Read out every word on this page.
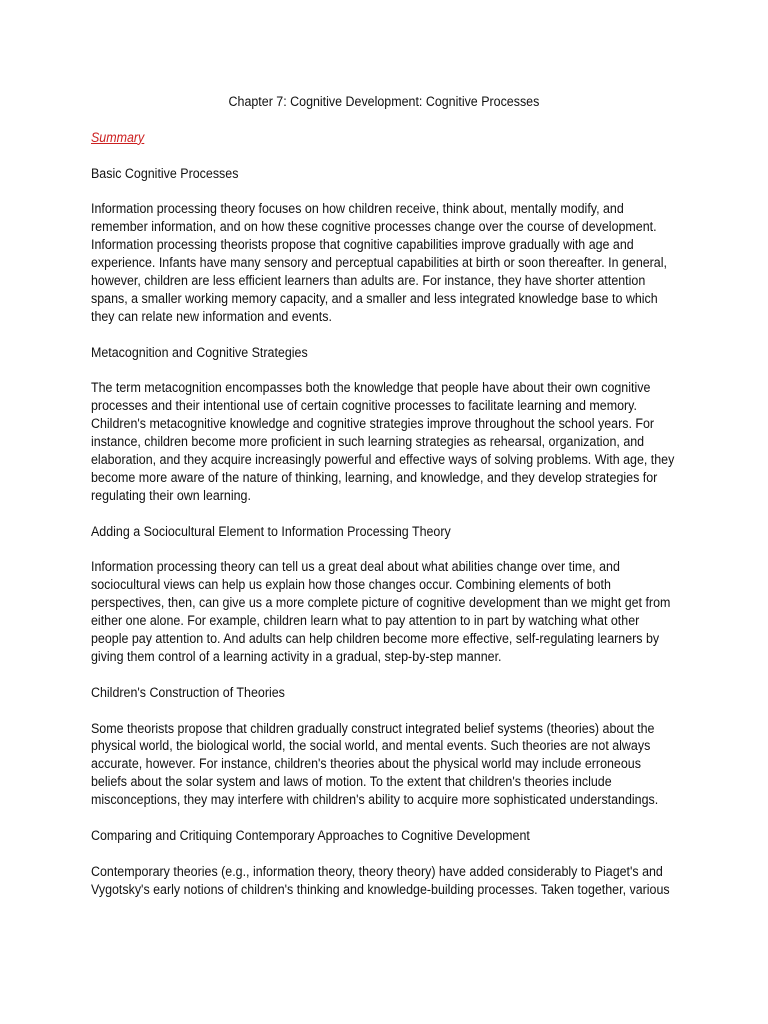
Chapter 7: Cognitive Development: Cognitive Processes
Summary
Basic Cognitive Processes
Information processing theory focuses on how children receive, think about, mentally modify, and remember information, and on how these cognitive processes change over the course of development. Information processing theorists propose that cognitive capabilities improve gradually with age and experience. Infants have many sensory and perceptual capabilities at birth or soon thereafter. In general, however, children are less efficient learners than adults are. For instance, they have shorter attention spans, a smaller working memory capacity, and a smaller and less integrated knowledge base to which they can relate new information and events.
Metacognition and Cognitive Strategies
The term metacognition encompasses both the knowledge that people have about their own cognitive processes and their intentional use of certain cognitive processes to facilitate learning and memory. Children's metacognitive knowledge and cognitive strategies improve throughout the school years. For instance, children become more proficient in such learning strategies as rehearsal, organization, and elaboration, and they acquire increasingly powerful and effective ways of solving problems. With age, they become more aware of the nature of thinking, learning, and knowledge, and they develop strategies for regulating their own learning.
Adding a Sociocultural Element to Information Processing Theory
Information processing theory can tell us a great deal about what abilities change over time, and sociocultural views can help us explain how those changes occur. Combining elements of both perspectives, then, can give us a more complete picture of cognitive development than we might get from either one alone. For example, children learn what to pay attention to in part by watching what other people pay attention to. And adults can help children become more effective, self-regulating learners by giving them control of a learning activity in a gradual, step-by-step manner.
Children's Construction of Theories
Some theorists propose that children gradually construct integrated belief systems (theories) about the physical world, the biological world, the social world, and mental events. Such theories are not always accurate, however. For instance, children's theories about the physical world may include erroneous beliefs about the solar system and laws of motion. To the extent that children's theories include misconceptions, they may interfere with children's ability to acquire more sophisticated understandings.
Comparing and Critiquing Contemporary Approaches to Cognitive Development
Contemporary theories (e.g., information theory, theory theory) have added considerably to Piaget's and Vygotsky's early notions of children's thinking and knowledge-building processes. Taken together, various
